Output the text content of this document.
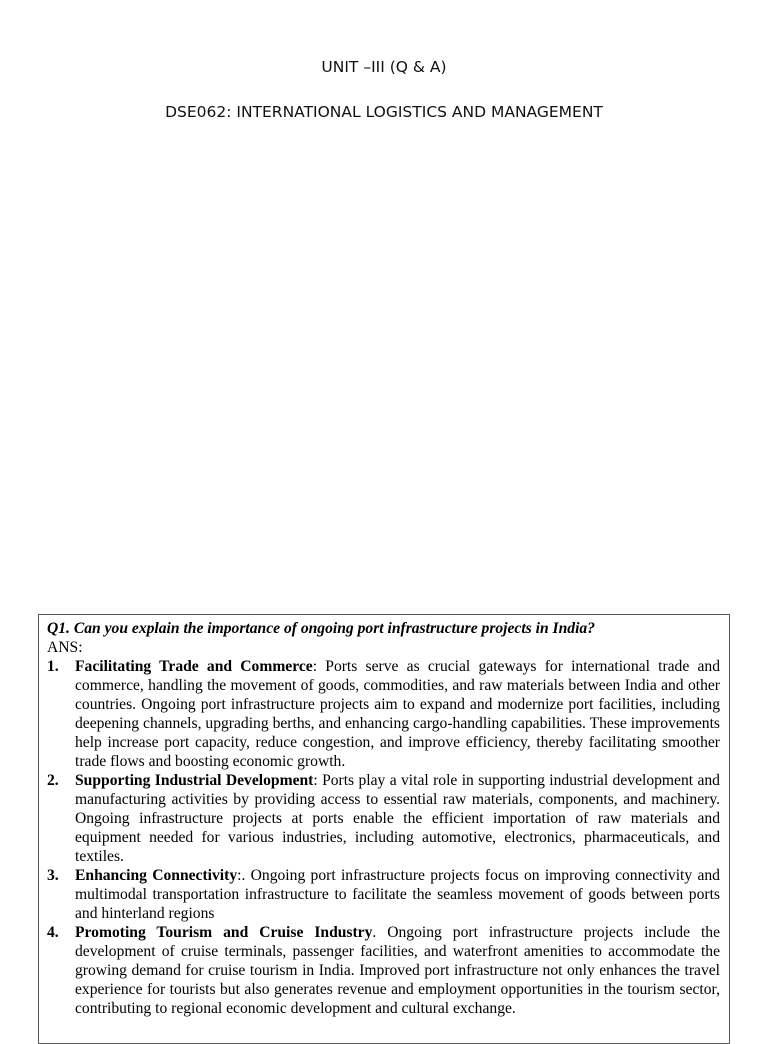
UNIT –III (Q & A)
DSE062: INTERNATIONAL LOGISTICS AND MANAGEMENT

Q1. Can you explain the importance of ongoing port infrastructure projects in India?

ANS:

1. Facilitating Trade and Commerce: Ports serve as crucial gateways for international trade and commerce, handling the movement of goods, commodities, and raw materials between India and other countries. Ongoing port infrastructure projects aim to expand and modernize port facilities, including deepening channels, upgrading berths, and enhancing cargo-handling capabilities. These improvements help increase port capacity, reduce congestion, and improve efficiency, thereby facilitating smoother trade flows and boosting economic growth.
2. Supporting Industrial Development: Ports play a vital role in supporting industrial development and manufacturing activities by providing access to essential raw materials, components, and machinery. Ongoing infrastructure projects at ports enable the efficient importation of raw materials and equipment needed for various industries, including automotive, electronics, pharmaceuticals, and textiles.
3. Enhancing Connectivity:. Ongoing port infrastructure projects focus on improving connectivity and multimodal transportation infrastructure to facilitate the seamless movement of goods between ports and hinterland regions
4. Promoting Tourism and Cruise Industry. Ongoing port infrastructure projects include the development of cruise terminals, passenger facilities, and waterfront amenities to accommodate the growing demand for cruise tourism in India. Improved port infrastructure not only enhances the travel experience for tourists but also generates revenue and employment opportunities in the tourism sector, contributing to regional economic development and cultural exchange.
